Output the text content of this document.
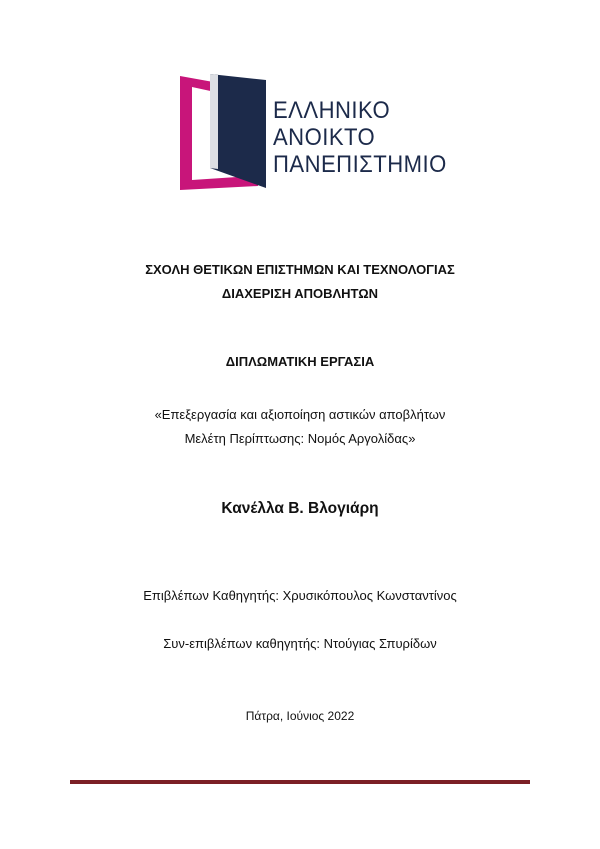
ΕΛΛΗΝΙΚΟ
ΑΝΟΙΚΤΟ
ΠΑΝΕΠΙΣΤΗΜΙΟ
ΣΧΟΛΗ ΘΕΤΙΚΩΝ ΕΠΙΣΤΗΜΩΝ ΚΑΙ ΤΕΧΝΟΛΟΓΙΑΣ
ΔΙΑΧΕΡΙΣΗ ΑΠΟΒΛΗΤΩΝ
ΔΙΠΛΩΜΑΤΙΚΗ ΕΡΓΑΣΙΑ
«Επεξεργασία και αξιοποίηση αστικών αποβλήτων
Μελέτη Περίπτωσης: Νομός Αργολίδας»
Κανέλλα Β. Βλογιάρη
Επιβλέπων Καθηγητής: Χρυσικόπουλος Κωνσταντίνος
Συν-επιβλέπων καθηγητής: Ντούγιας Σπυρίδων
Πάτρα, Ιούνιος 2022
